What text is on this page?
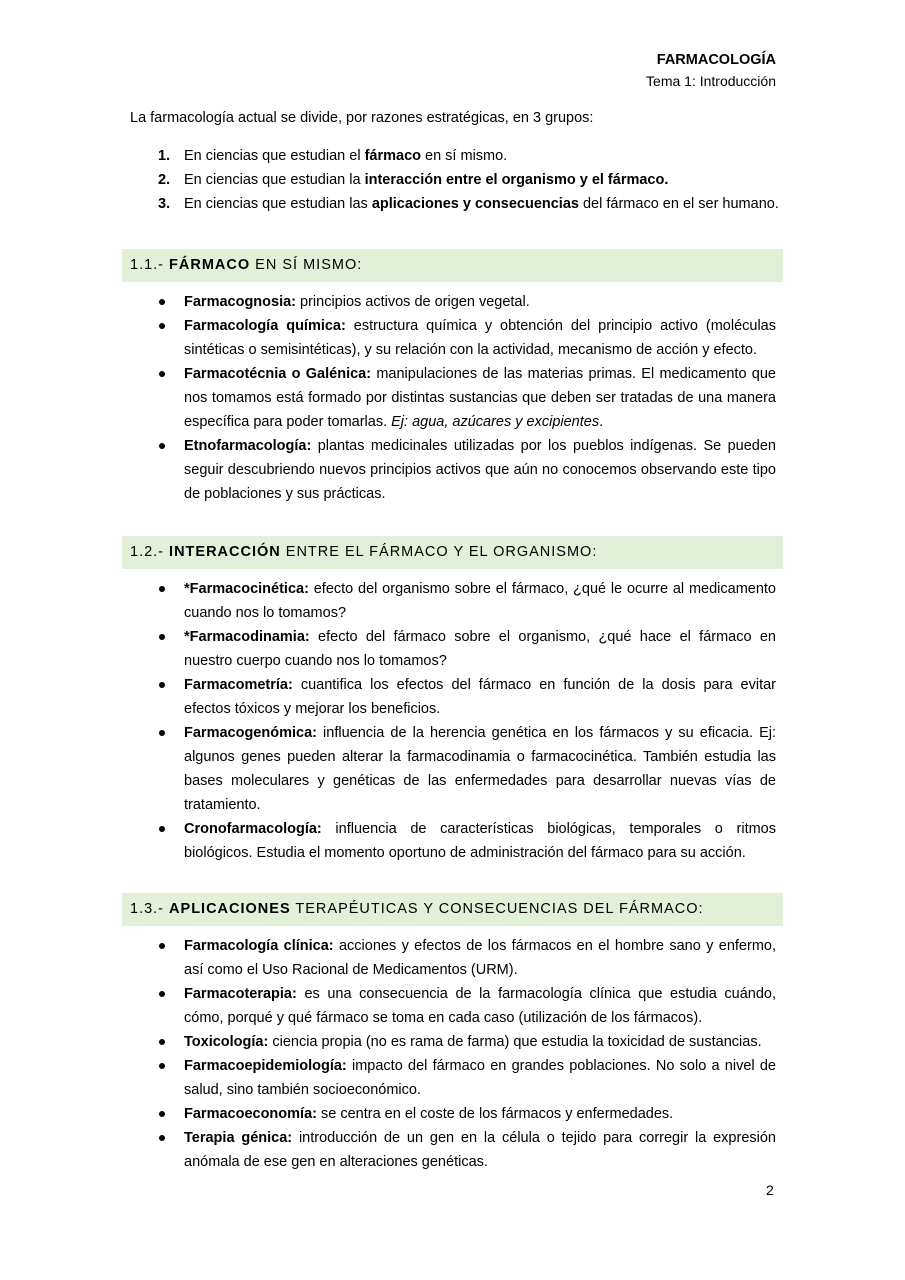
FARMACOLOGÍA
Tema 1: Introducción
La farmacología actual se divide, por razones estratégicas, en 3 grupos:
1. En ciencias que estudian el fármaco en sí mismo.
2. En ciencias que estudian la interacción entre el organismo y el fármaco.
3. En ciencias que estudian las aplicaciones y consecuencias del fármaco en el ser humano.
1.1.- FÁRMACO EN SÍ MISMO:
Farmacognosia: principios activos de origen vegetal.
Farmacología química: estructura química y obtención del principio activo (moléculas sintéticas o semisintéticas), y su relación con la actividad, mecanismo de acción y efecto.
Farmacotécnia o Galénica: manipulaciones de las materias primas. El medicamento que nos tomamos está formado por distintas sustancias que deben ser tratadas de una manera específica para poder tomarlas. Ej: agua, azúcares y excipientes.
Etnofarmacología: plantas medicinales utilizadas por los pueblos indígenas. Se pueden seguir descubriendo nuevos principios activos que aún no conocemos observando este tipo de poblaciones y sus prácticas.
1.2.- INTERACCIÓN ENTRE EL FÁRMACO Y EL ORGANISMO:
*Farmacocinética: efecto del organismo sobre el fármaco, ¿qué le ocurre al medicamento cuando nos lo tomamos?
*Farmacodinamia: efecto del fármaco sobre el organismo, ¿qué hace el fármaco en nuestro cuerpo cuando nos lo tomamos?
Farmacometría: cuantifica los efectos del fármaco en función de la dosis para evitar efectos tóxicos y mejorar los beneficios.
Farmacogenómica: influencia de la herencia genética en los fármacos y su eficacia. Ej: algunos genes pueden alterar la farmacodinamia o farmacocinética. También estudia las bases moleculares y genéticas de las enfermedades para desarrollar nuevas vías de tratamiento.
Cronofarmacología: influencia de características biológicas, temporales o ritmos biológicos. Estudia el momento oportuno de administración del fármaco para su acción.
1.3.- APLICACIONES TERAPÉUTICAS Y CONSECUENCIAS DEL FÁRMACO:
Farmacología clínica: acciones y efectos de los fármacos en el hombre sano y enfermo, así como el Uso Racional de Medicamentos (URM).
Farmacoterapia: es una consecuencia de la farmacología clínica que estudia cuándo, cómo, porqué y qué fármaco se toma en cada caso (utilización de los fármacos).
Toxicología: ciencia propia (no es rama de farma) que estudia la toxicidad de sustancias.
Farmacoepidemiología: impacto del fármaco en grandes poblaciones. No solo a nivel de salud, sino también socioeconómico.
Farmacoeconomía: se centra en el coste de los fármacos y enfermedades.
Terapia génica: introducción de un gen en la célula o tejido para corregir la expresión anómala de ese gen en alteraciones genéticas.
2
